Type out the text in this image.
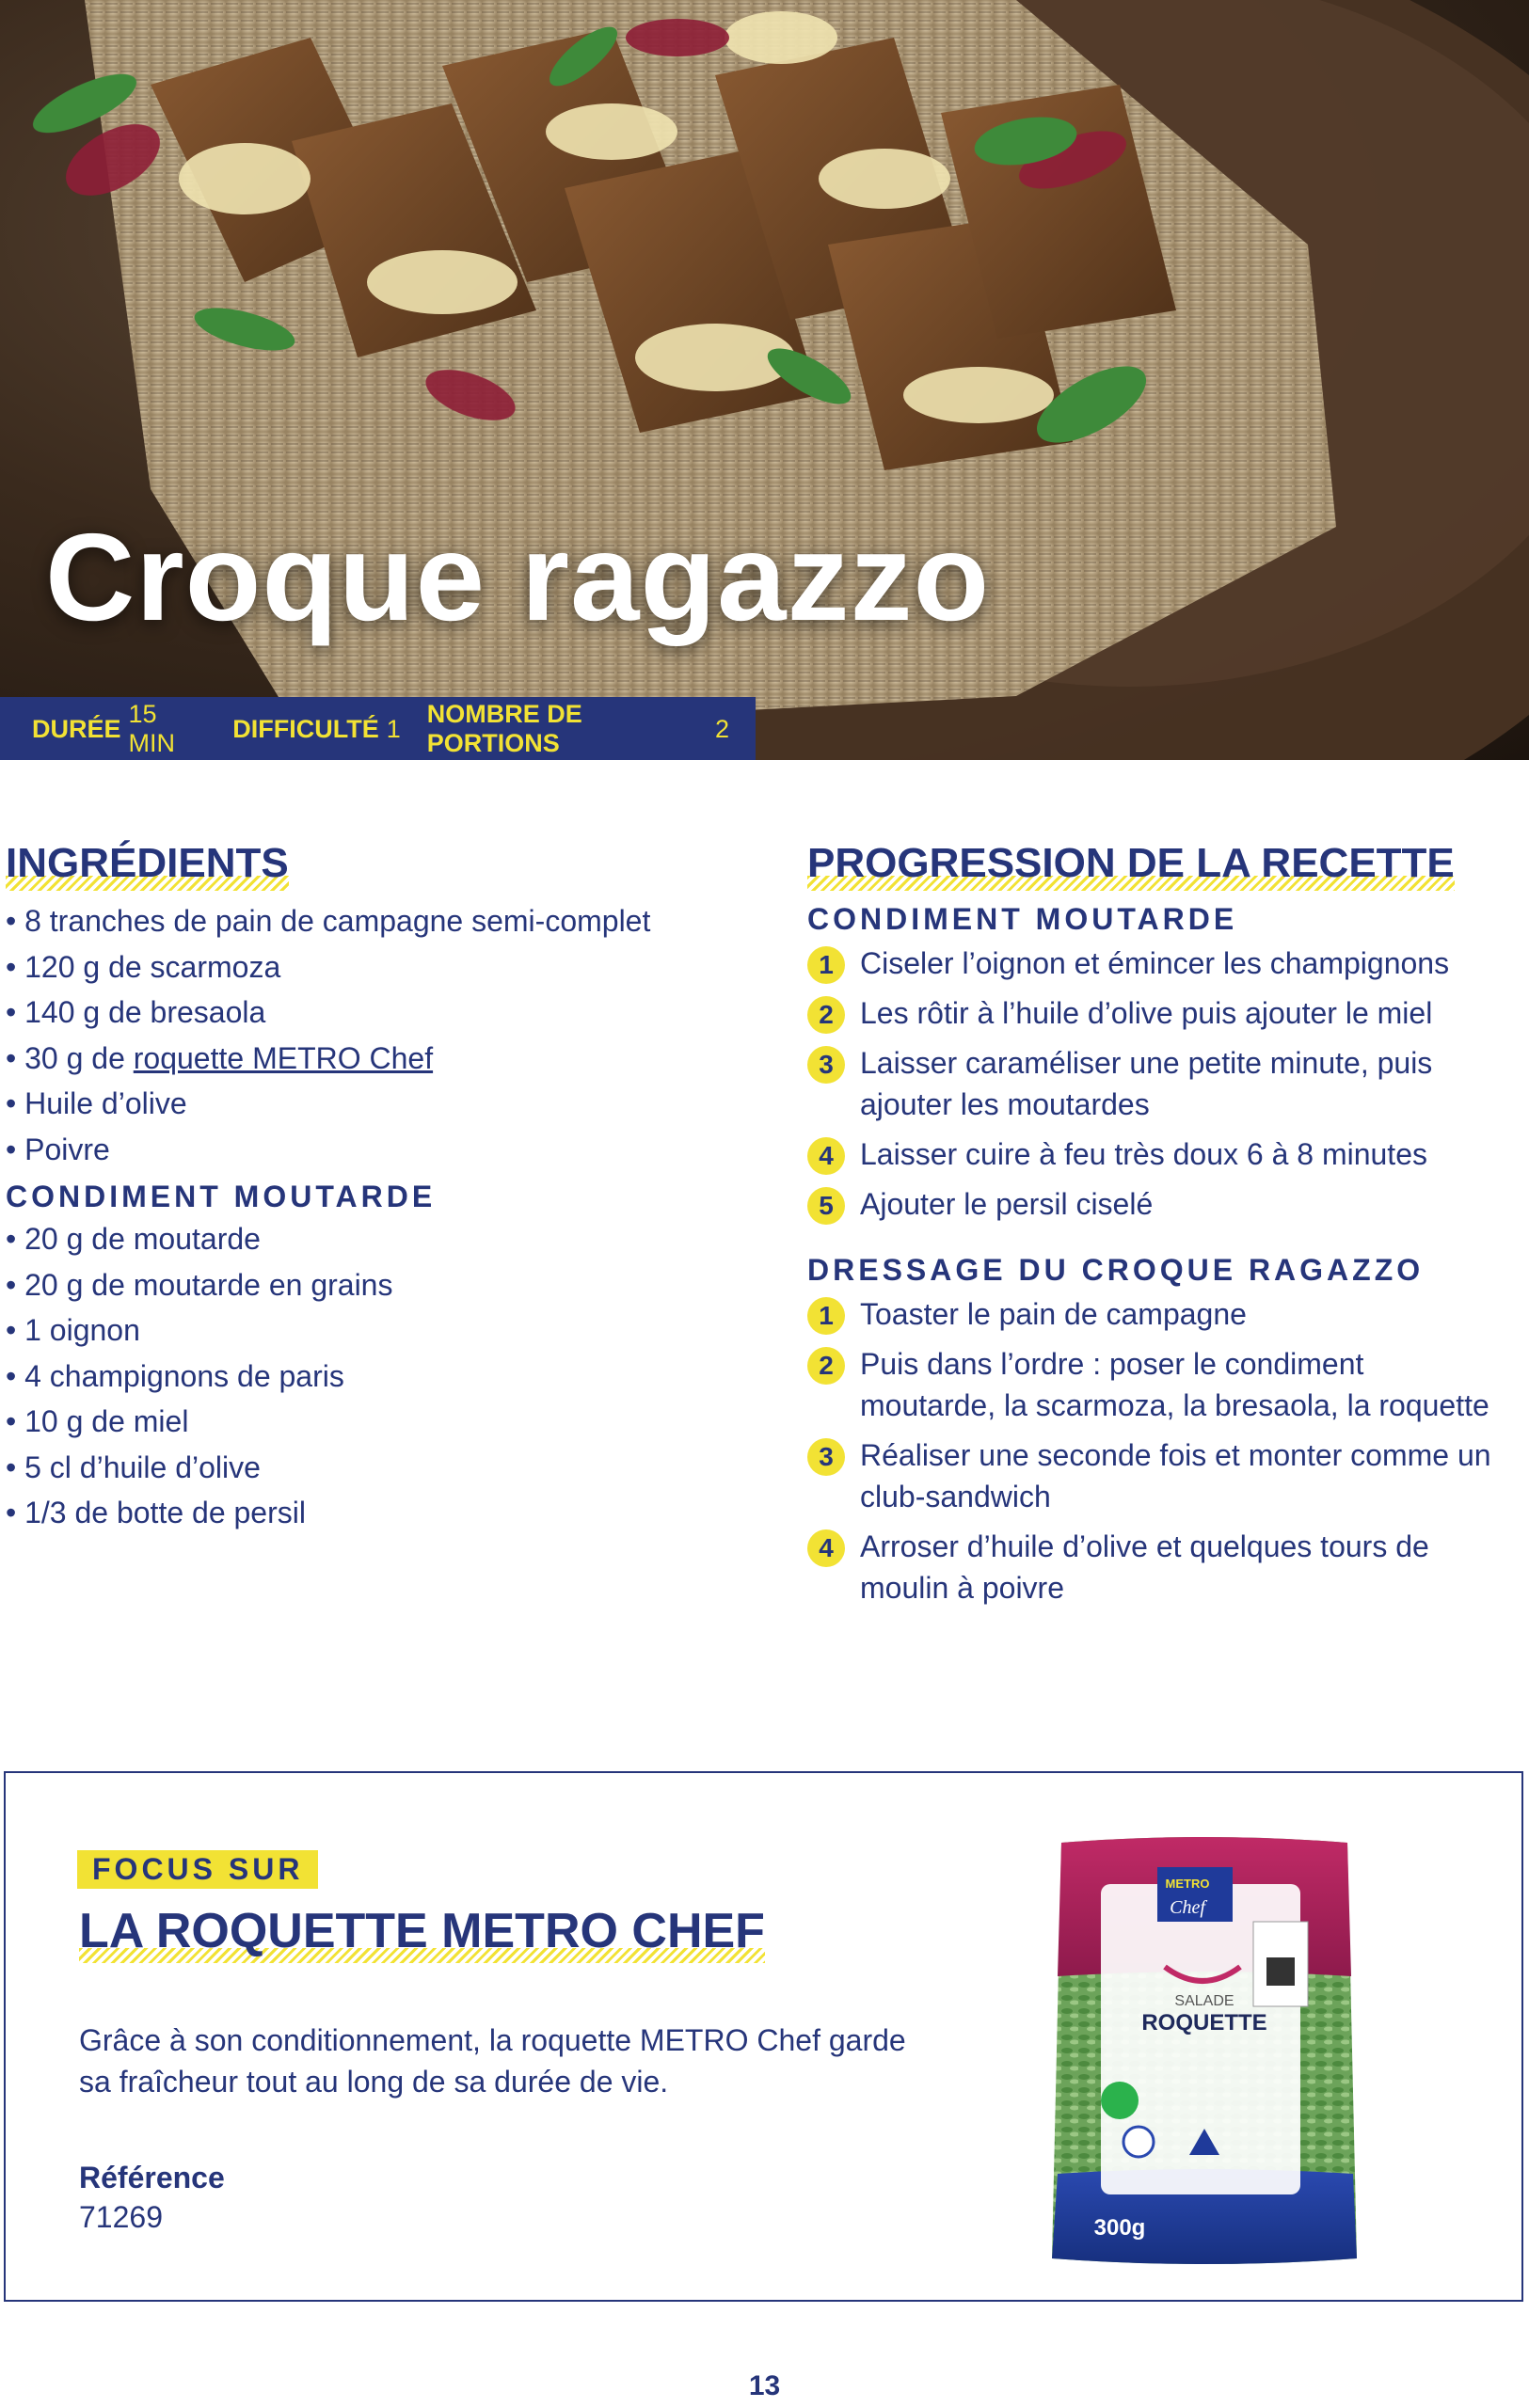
Croque ragazzo
DURÉE
15 MIN
DIFFICULTÉ 1
NOMBRE DE PORTIONS
2
INGRÉDIENTS
• 8 tranches de pain de campagne semi-complet
• 120 g de scarmoza
• 140 g de bresaola
• 30 g de roquette METRO Chef
• Huile d’olive
• Poivre
CONDIMENT MOUTARDE
• 20 g de moutarde
• 20 g de moutarde en grains
• 1 oignon
• 4 champignons de paris
• 10 g de miel
• 5 cl d’huile d’olive
• 1/3 de botte de persil
PROGRESSION DE LA RECETTE
CONDIMENT MOUTARDE
1 Ciseler l’oignon et émincer les champignons
2 Les rôtir à l’huile d’olive puis ajouter le miel
3 Laisser caraméliser une petite minute, puis ajouter les moutardes
4 Laisser cuire à feu très doux 6 à 8 minutes
5 Ajouter le persil ciselé
DRESSAGE DU CROQUE RAGAZZO
1 Toaster le pain de campagne
2 Puis dans l’ordre : poser le condiment moutarde, la scarmoza, la bresaola, la roquette
3 Réaliser une seconde fois et monter comme un club-sandwich
4 Arroser d’huile d’olive et quelques tours de moulin à poivre
FOCUS SUR
LA ROQUETTE METRO CHEF

Grâce à son conditionnement, la roquette METRO Chef garde sa fraîcheur tout au long de sa durée de vie.

Référence
71269
METRO
Chef
SALADE
ROQUETTE
300g
13
